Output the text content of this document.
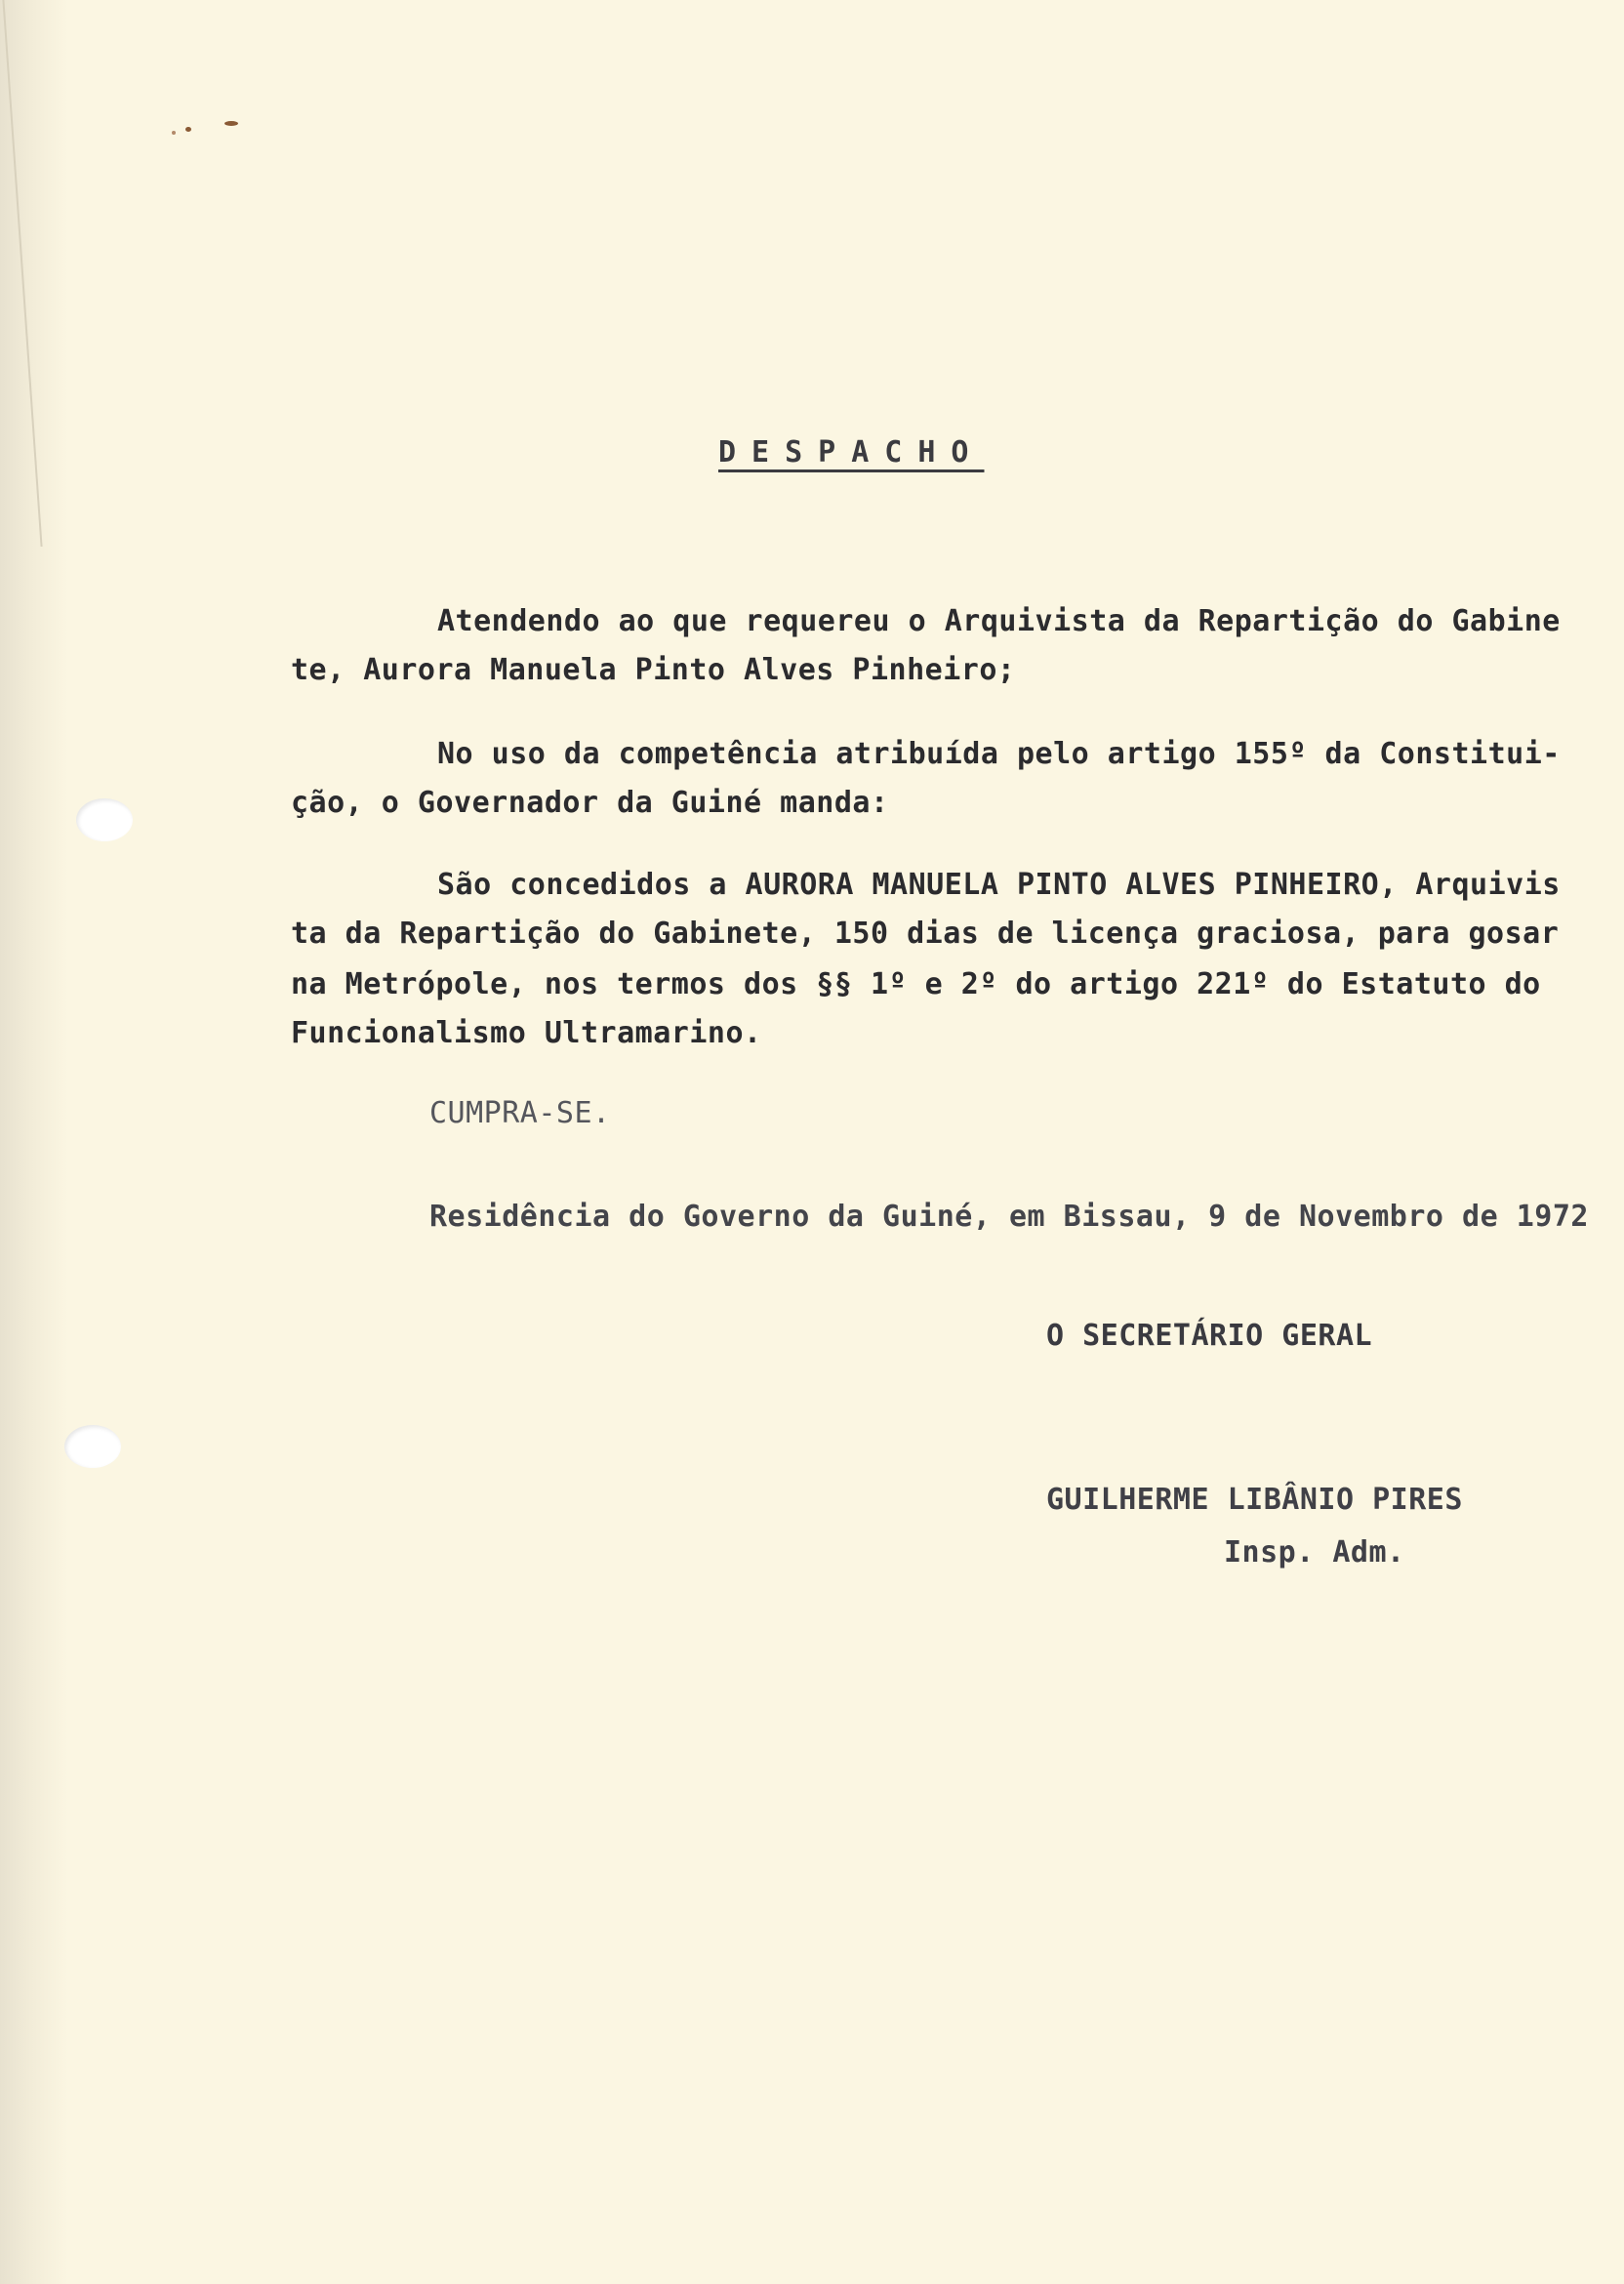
DESPACHO

Atendendo ao que requereu o Arquivista da Repartição do Gabine

te, Aurora Manuela Pinto Alves Pinheiro;

No uso da competência atribuída pelo artigo 155º da Constitui-

ção, o Governador da Guiné manda:

São concedidos a AURORA MANUELA PINTO ALVES PINHEIRO, Arquivis

ta da Repartição do Gabinete, 150 dias de licença graciosa, para gosar

na Metrópole, nos termos dos §§ 1º e 2º do artigo 221º do Estatuto do

Funcionalismo Ultramarino.

CUMPRA-SE.

Residência do Governo da Guiné, em Bissau, 9 de Novembro de 1972

O SECRETÁRIO GERAL

GUILHERME LIBÂNIO PIRES

Insp. Adm.
